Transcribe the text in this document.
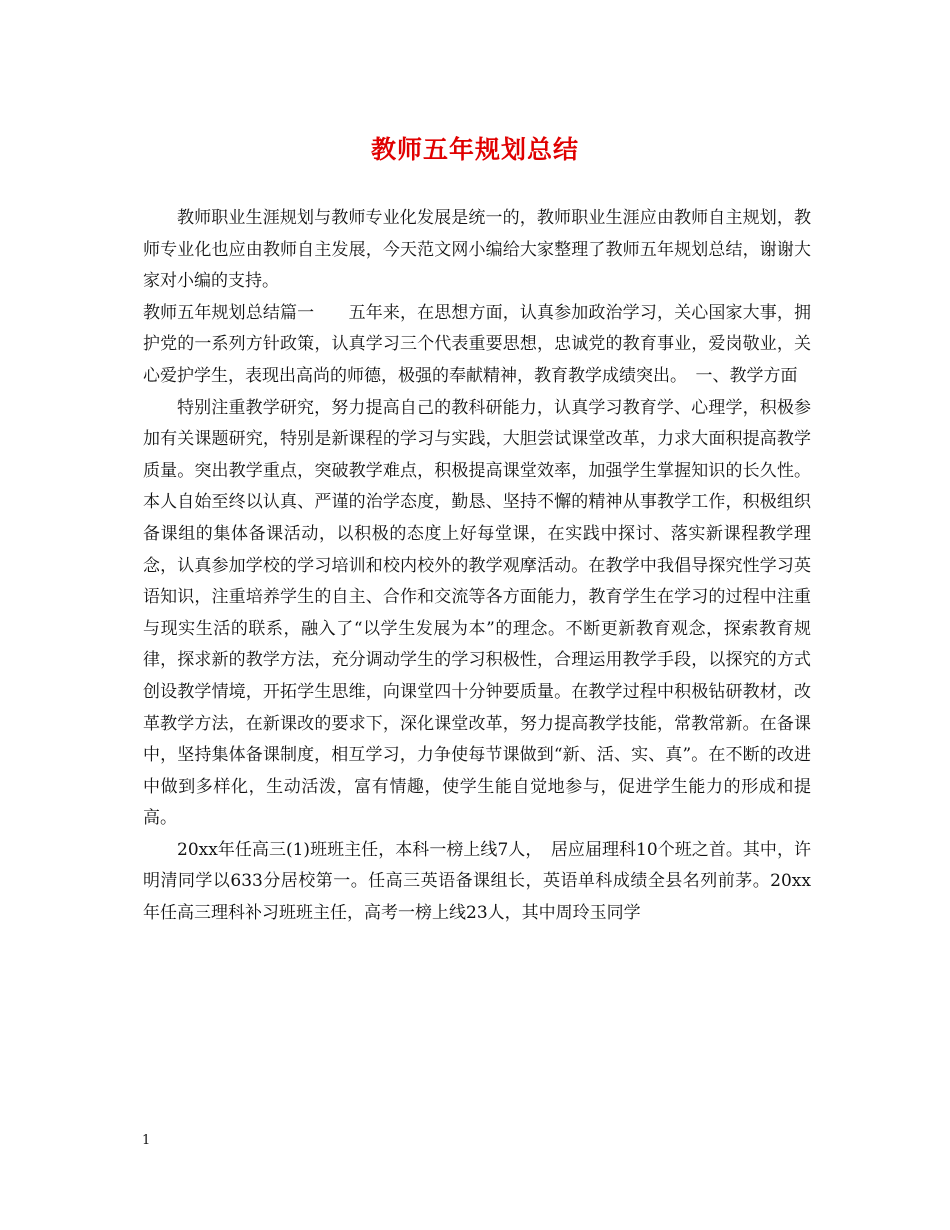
教师五年规划总结

教师职业生涯规划与教师专业化发展是统一的，教师职业生涯应由教师自主规划，教师专业化也应由教师自主发展，今天范文网小编给大家整理了教师五年规划总结，谢谢大家对小编的支持。

教师五年规划总结篇一　　五年来，在思想方面，认真参加政治学习，关心国家大事，拥护党的一系列方针政策，认真学习三个代表重要思想，忠诚党的教育事业，爱岗敬业，关心爱护学生，表现出高尚的师德，极强的奉献精神，教育教学成绩突出。　一、教学方面

特别注重教学研究，努力提高自己的教科研能力，认真学习教育学、心理学，积极参加有关课题研究，特别是新课程的学习与实践，大胆尝试课堂改革，力求大面积提高教学质量。突出教学重点，突破教学难点，积极提高课堂效率，加强学生掌握知识的长久性。本人自始至终以认真、严谨的治学态度，勤恳、坚持不懈的精神从事教学工作，积极组织备课组的集体备课活动，以积极的态度上好每堂课，在实践中探讨、落实新课程教学理念，认真参加学校的学习培训和校内校外的教学观摩活动。在教学中我倡导探究性学习英语知识，注重培养学生的自主、合作和交流等各方面能力，教育学生在学习的过程中注重与现实生活的联系，融入了“以学生发展为本”的理念。不断更新教育观念，探索教育规律，探求新的教学方法，充分调动学生的学习积极性，合理运用教学手段，以探究的方式创设教学情境，开拓学生思维，向课堂四十分钟要质量。在教学过程中积极钻研教材，改革教学方法，在新课改的要求下，深化课堂改革，努力提高教学技能，常教常新。在备课中，坚持集体备课制度，相互学习，力争使每节课做到“新、活、实、真”。在不断的改进中做到多样化，生动活泼，富有情趣，使学生能自觉地参与，促进学生能力的形成和提高。

20xx年任高三(1)班班主任，本科一榜上线7人，　居应届理科10个班之首。其中，许明清同学以633分居校第一。任高三英语备课组长，英语单科成绩全县名列前茅。20xx年任高三理科补习班班主任，高考一榜上线23人，其中周玲玉同学

1
